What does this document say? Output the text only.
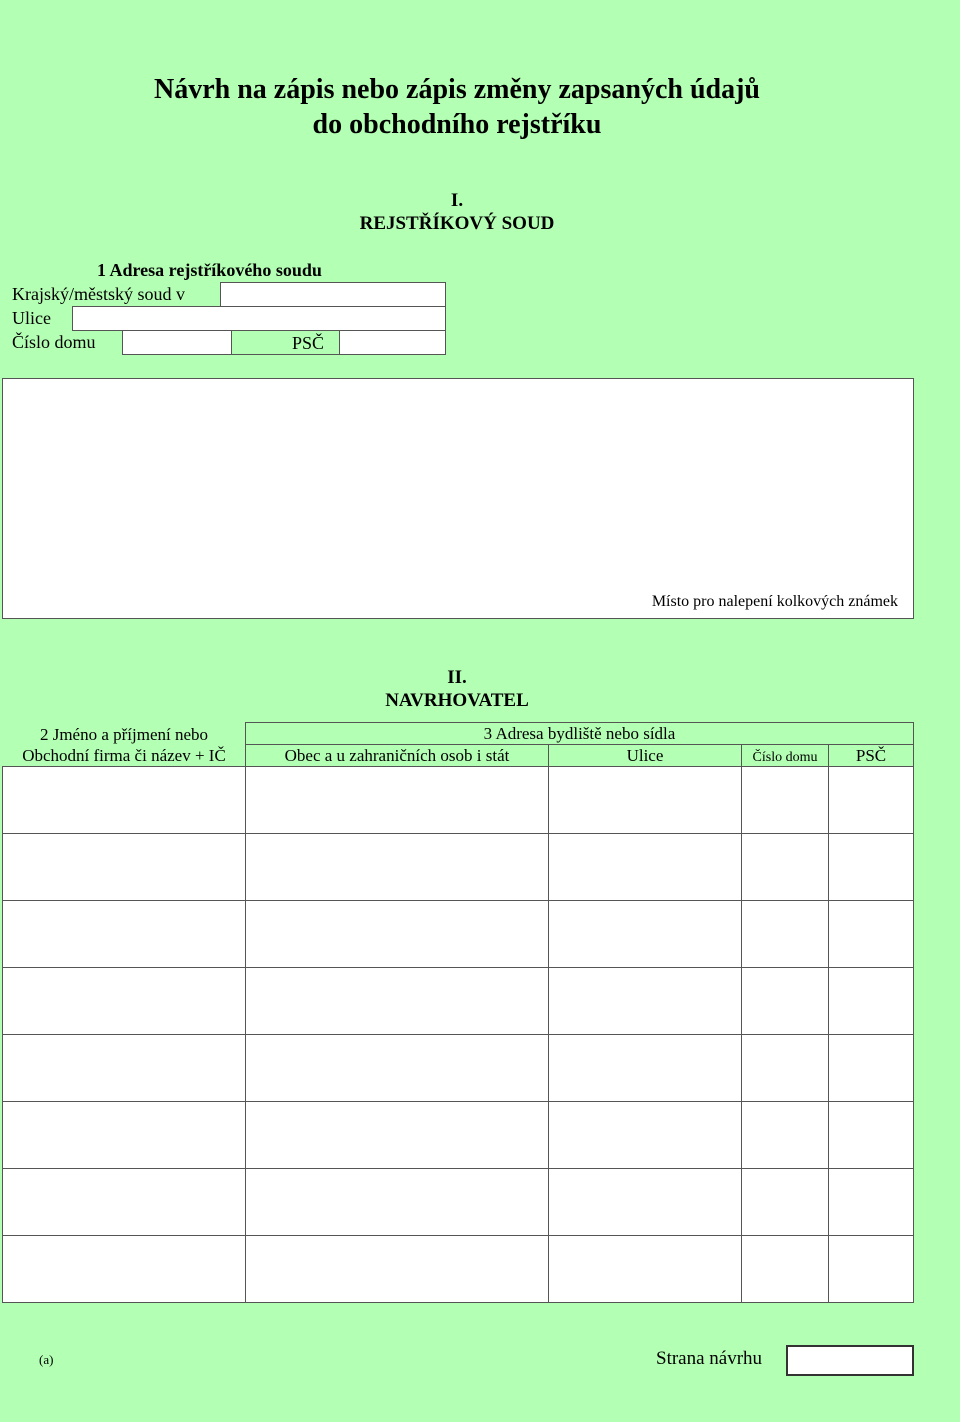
Návrh na zápis nebo zápis změny zapsaných údajů
do obchodního rejstříku
I.
REJSTŘÍKOVÝ SOUD
1 Adresa rejstříkového soudu
Krajský/městský soud v
Ulice
Číslo domu	PSČ
Místo pro nalepení kolkových známek
II.
NAVRHOVATEL
2 Jméno a příjmení nebo
Obchodní firma či název + IČ
3 Adresa bydliště nebo sídla
Obec a u zahraničních osob i stát	Ulice	Číslo domu	PSČ

(a)	Strana návrhu
